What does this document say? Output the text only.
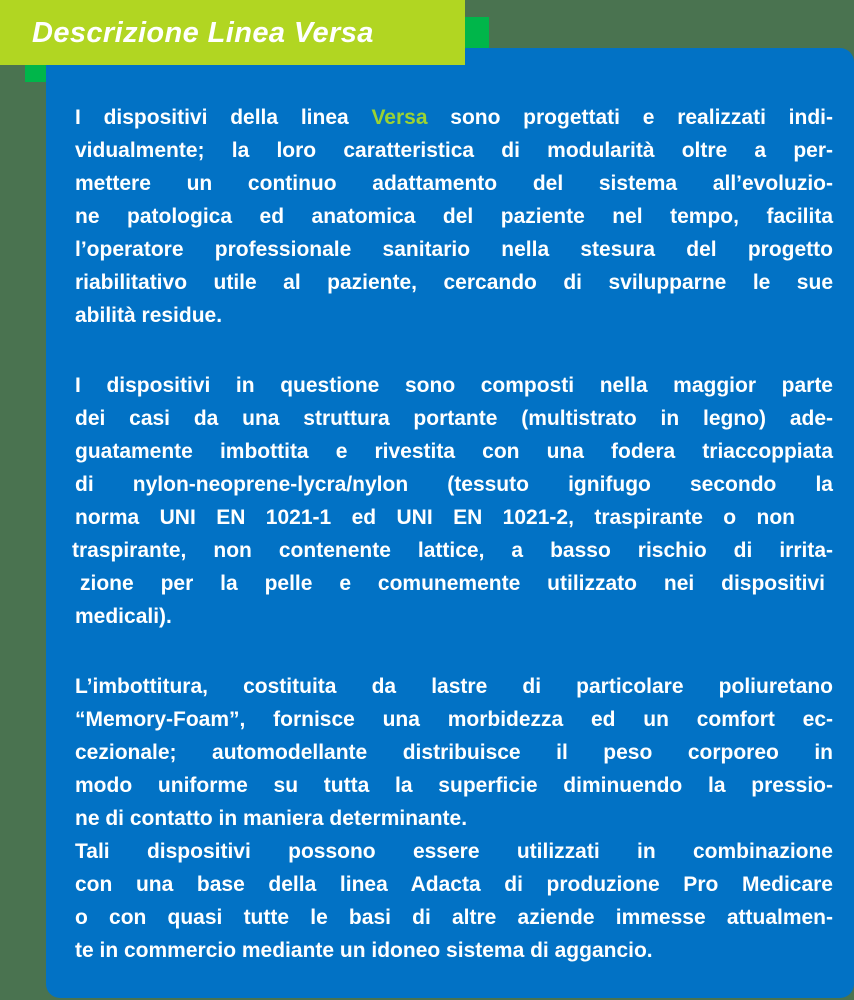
Descrizione Linea Versa

I dispositivi della linea Versa sono progettati e realizzati indi-
vidualmente; la loro caratteristica di modularità oltre a per-
mettere un continuo adattamento del sistema all’evoluzio-
ne patologica ed anatomica del paziente nel tempo, facilita
l’operatore professionale sanitario nella stesura del progetto
riabilitativo utile al paziente, cercando di svilupparne le sue
abilità residue.

I dispositivi in questione sono composti nella maggior parte
dei casi da una struttura portante (multistrato in legno) ade-
guatamente imbottita e rivestita con una fodera triaccoppiata
di nylon-neoprene-lycra/nylon (tessuto ignifugo secondo la
norma UNI EN 1021-1 ed UNI EN 1021-2, traspirante o non
traspirante, non contenente lattice, a basso rischio di irrita-
zione per la pelle e comunemente utilizzato nei dispositivi
medicali).

L’imbottitura, costituita da lastre di particolare poliuretano
“Memory-Foam”, fornisce una morbidezza ed un comfort ec-
cezionale; automodellante distribuisce il peso corporeo in
modo uniforme su tutta la superficie diminuendo la pressio-
ne di contatto in maniera determinante.
Tali dispositivi possono essere utilizzati in combinazione
con una base della linea Adacta di produzione Pro Medicare
o con quasi tutte le basi di altre aziende immesse attualmen-
te in commercio mediante un idoneo sistema di aggancio.
